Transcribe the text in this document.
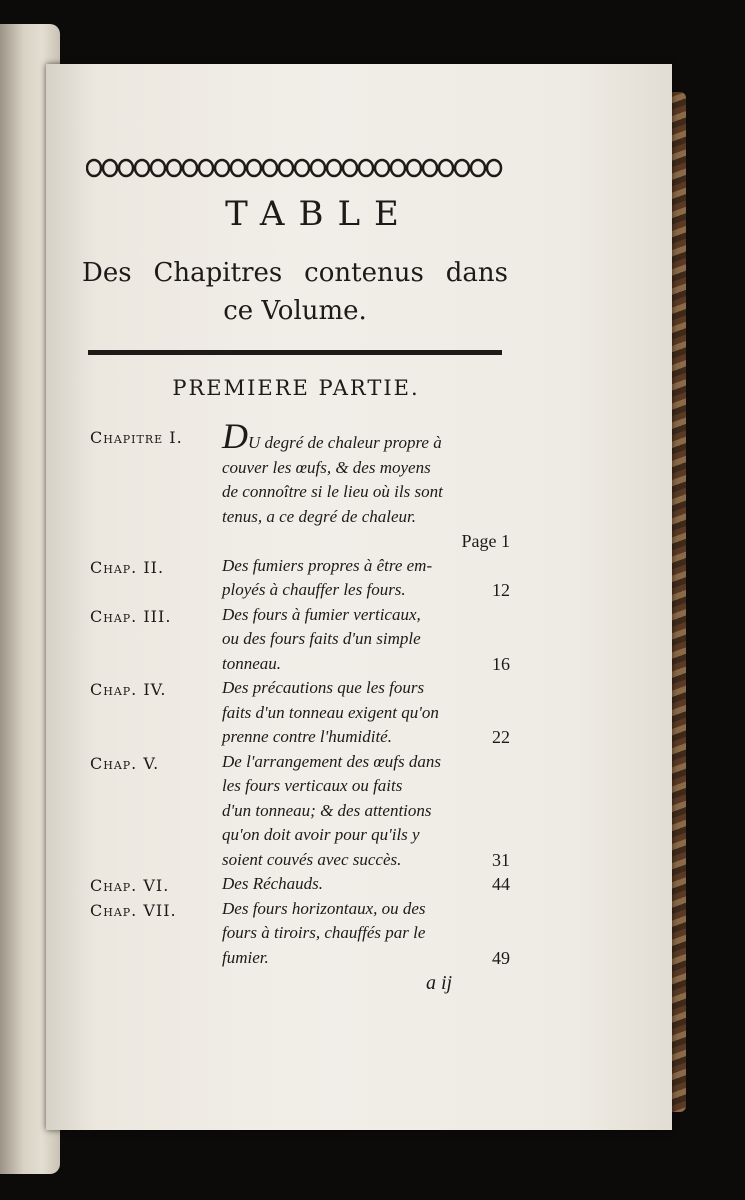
TABLE
Des Chapitres contenus dans
ce Volume.
PREMIERE PARTIE.
Chapitre I.	DU degré de chaleur propre à
couver les œufs, & des moyens
de connoître si le lieu où ils sont
tenus, a ce degré de chaleur.
Page 1
Chap. II.	Des fumiers propres à être em-
ployés à chauffer les fours.	12
Chap. III.	Des fours à fumier verticaux,
ou des fours faits d'un simple
tonneau.	16
Chap. IV.	Des précautions que les fours
faits d'un tonneau exigent qu'on
prenne contre l'humidité.	22
Chap. V.	De l'arrangement des œufs dans
les fours verticaux ou faits
d'un tonneau; & des attentions
qu'on doit avoir pour qu'ils y
soient couvés avec succès.	31
Chap. VI.	Des Réchauds.	44
Chap. VII.	Des fours horizontaux, ou des
fours à tiroirs, chauffés par le
fumier.	49
a ij
